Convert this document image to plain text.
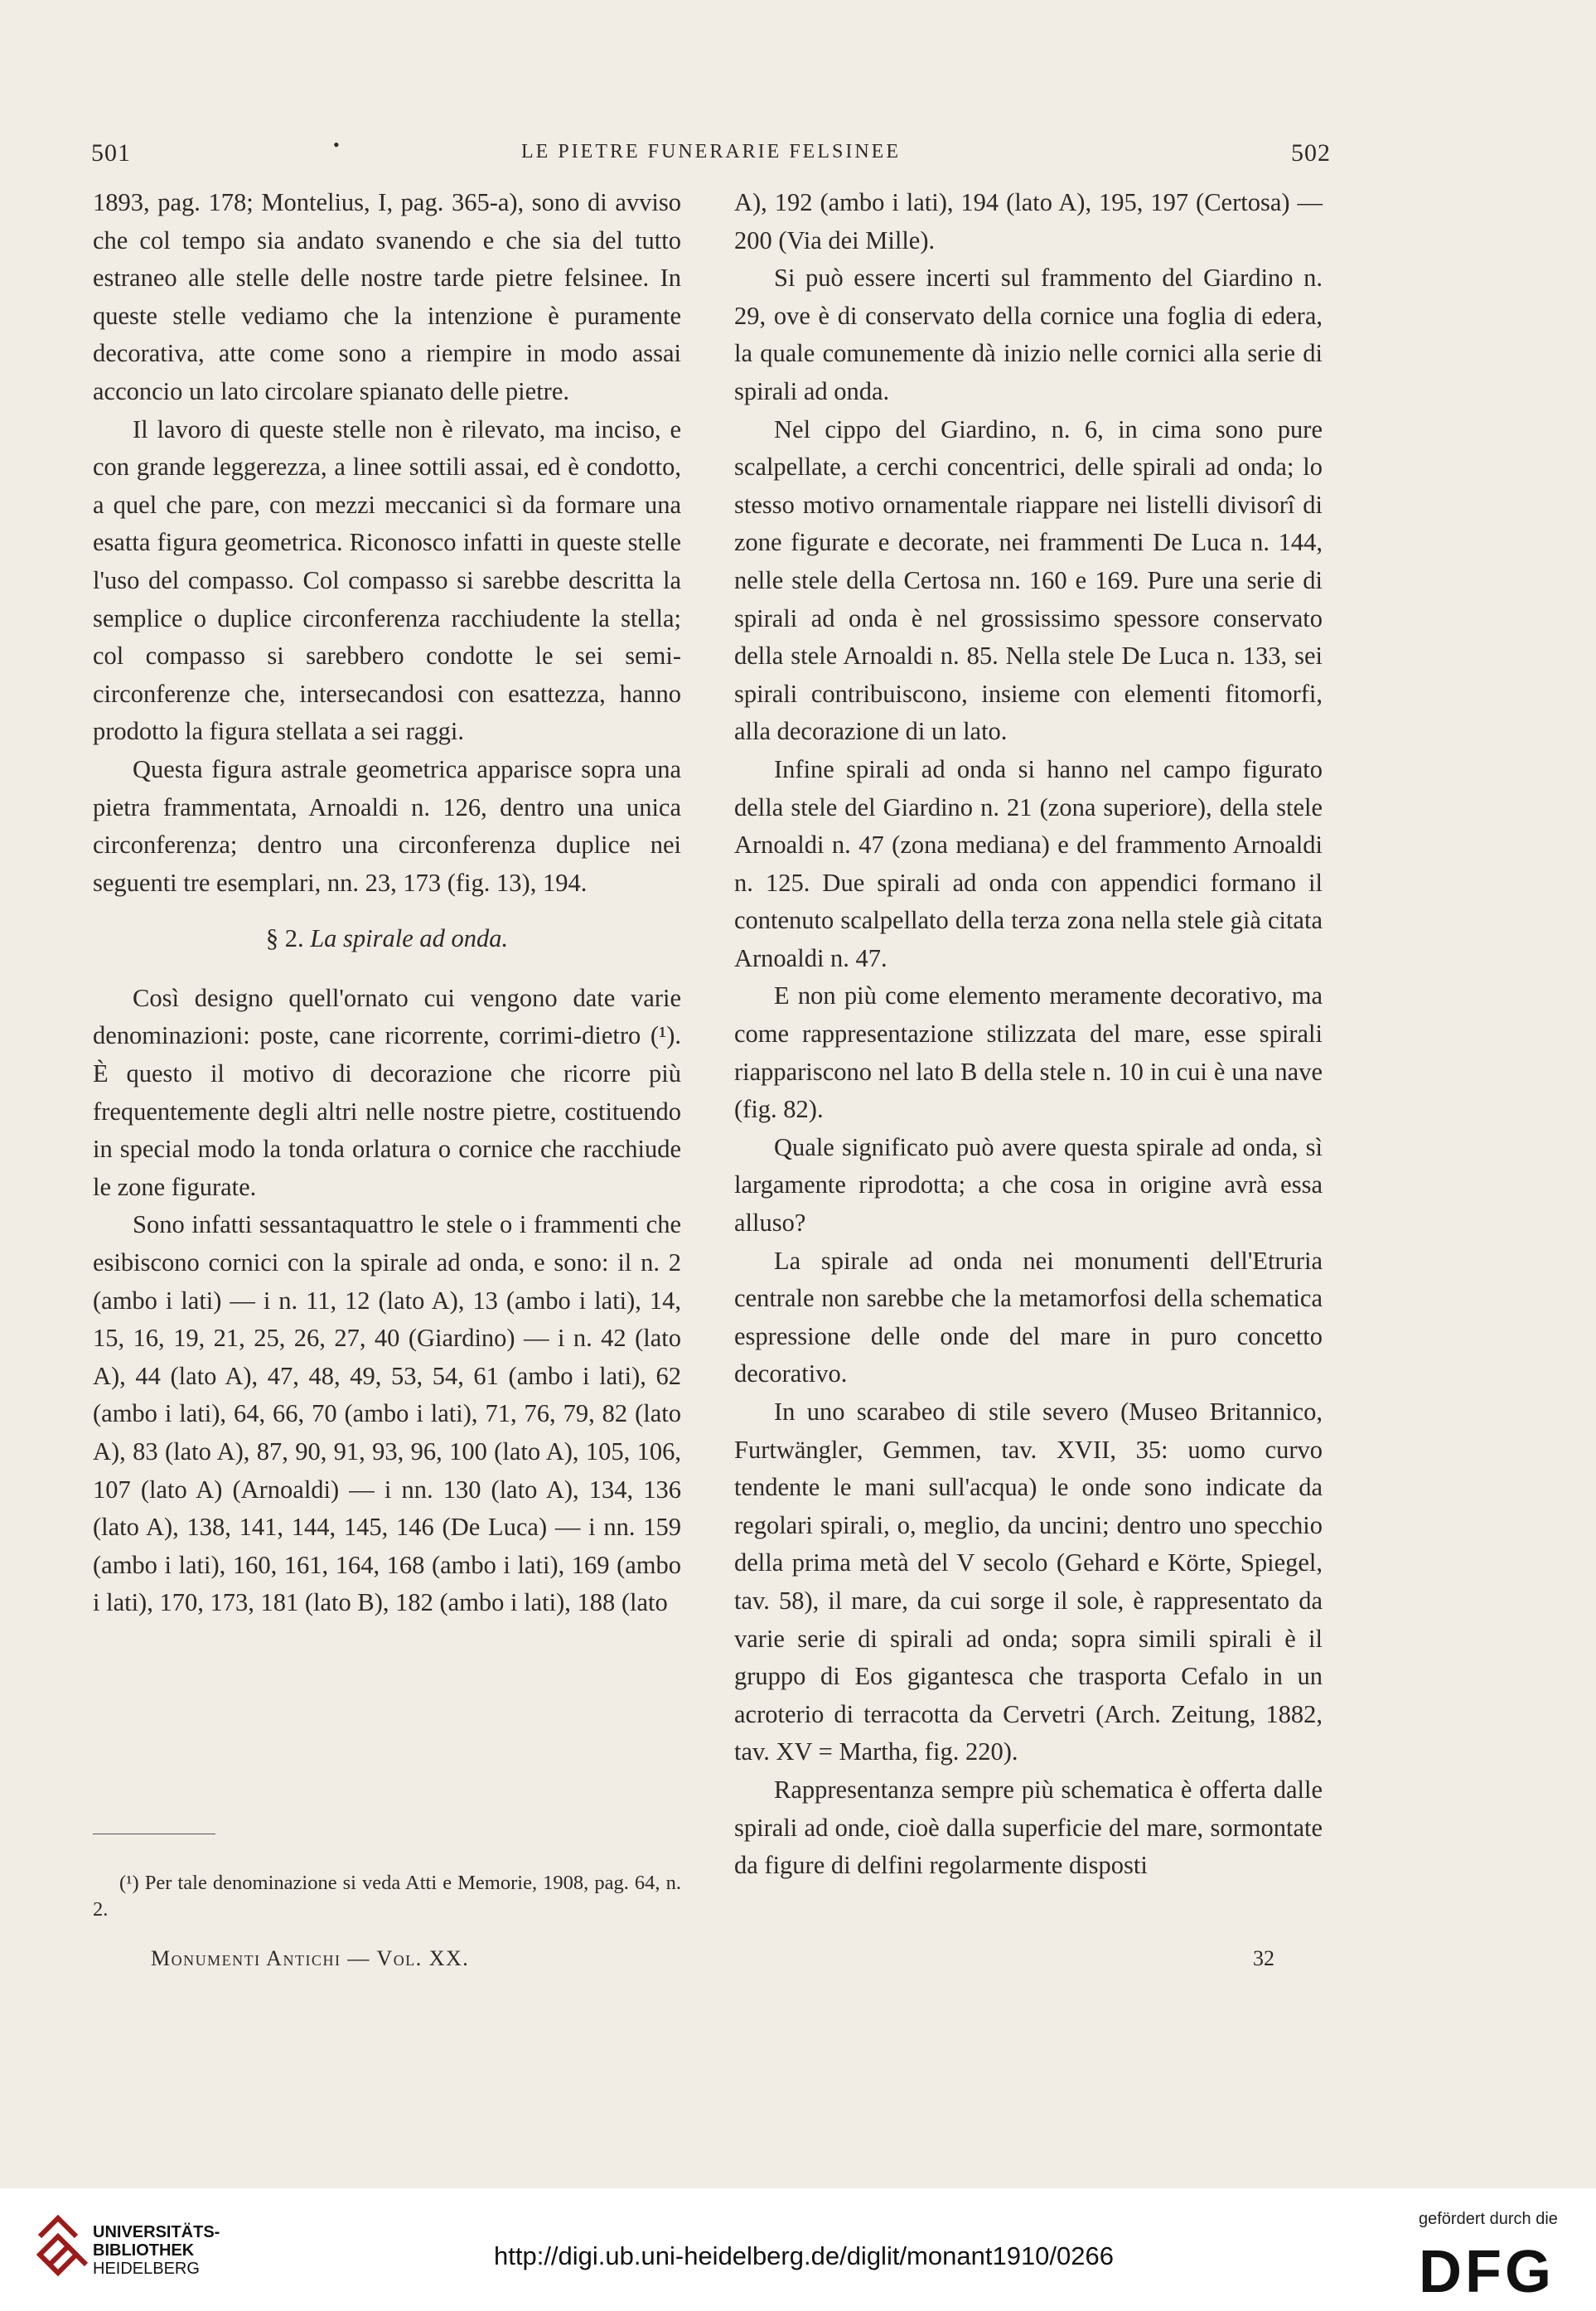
501	•	LE PIETRE FUNERARIE FELSINEE	502

1893, pag. 178; Montelius, I, pag. 365-a), sono di avviso che col tempo sia andato svanendo e che sia del tutto estraneo alle stelle delle nostre tarde pietre felsinee. In queste stelle vediamo che la intenzione è puramente decorativa, atte come sono a riempire in modo assai acconcio un lato circolare spianato delle pietre.

Il lavoro di queste stelle non è rilevato, ma inciso, e con grande leggerezza, a linee sottili assai, ed è condotto, a quel che pare, con mezzi meccanici sì da formare una esatta figura geometrica. Riconosco infatti in queste stelle l'uso del compasso. Col compasso si sarebbe descritta la semplice o duplice circonferenza racchiudente la stella; col compasso si sarebbero condotte le sei semi-circonferenze che, intersecandosi con esattezza, hanno prodotto la figura stellata a sei raggi.

Questa figura astrale geometrica apparisce sopra una pietra frammentata, Arnoaldi n. 126, dentro una unica circonferenza; dentro una circonferenza duplice nei seguenti tre esemplari, nn. 23, 173 (fig. 13), 194.

§ 2. La spirale ad onda.

Così designo quell'ornato cui vengono date varie denominazioni: poste, cane ricorrente, corrimi-dietro (¹). È questo il motivo di decorazione che ricorre più frequentemente degli altri nelle nostre pietre, costituendo in special modo la tonda orlatura o cornice che racchiude le zone figurate.

Sono infatti sessantaquattro le stele o i frammenti che esibiscono cornici con la spirale ad onda, e sono: il n. 2 (ambo i lati) — i n. 11, 12 (lato A), 13 (ambo i lati), 14, 15, 16, 19, 21, 25, 26, 27, 40 (Giardino) — i n. 42 (lato A), 44 (lato A), 47, 48, 49, 53, 54, 61 (ambo i lati), 62 (ambo i lati), 64, 66, 70 (ambo i lati), 71, 76, 79, 82 (lato A), 83 (lato A), 87, 90, 91, 93, 96, 100 (lato A), 105, 106, 107 (lato A) (Arnoaldi) — i nn. 130 (lato A), 134, 136 (lato A), 138, 141, 144, 145, 146 (De Luca) — i nn. 159 (ambo i lati), 160, 161, 164, 168 (ambo i lati), 169 (ambo i lati), 170, 173, 181 (lato B), 182 (ambo i lati), 188 (lato

A), 192 (ambo i lati), 194 (lato A), 195, 197 (Certosa) — 200 (Via dei Mille).

Si può essere incerti sul frammento del Giardino n. 29, ove è di conservato della cornice una foglia di edera, la quale comunemente dà inizio nelle cornici alla serie di spirali ad onda.

Nel cippo del Giardino, n. 6, in cima sono pure scalpellate, a cerchi concentrici, delle spirali ad onda; lo stesso motivo ornamentale riappare nei listelli divisorî di zone figurate e decorate, nei frammenti De Luca n. 144, nelle stele della Certosa nn. 160 e 169. Pure una serie di spirali ad onda è nel grossissimo spessore conservato della stele Arnoaldi n. 85. Nella stele De Luca n. 133, sei spirali contribuiscono, insieme con elementi fitomorfi, alla decorazione di un lato.

Infine spirali ad onda si hanno nel campo figurato della stele del Giardino n. 21 (zona superiore), della stele Arnoaldi n. 47 (zona mediana) e del frammento Arnoaldi n. 125. Due spirali ad onda con appendici formano il contenuto scalpellato della terza zona nella stele già citata Arnoaldi n. 47.

E non più come elemento meramente decorativo, ma come rappresentazione stilizzata del mare, esse spirali riappariscono nel lato B della stele n. 10 in cui è una nave (fig. 82).

Quale significato può avere questa spirale ad onda, sì largamente riprodotta; a che cosa in origine avrà essa alluso?

La spirale ad onda nei monumenti dell'Etruria centrale non sarebbe che la metamorfosi della schematica espressione delle onde del mare in puro concetto decorativo.

In uno scarabeo di stile severo (Museo Britannico, Furtwängler, Gemmen, tav. XVII, 35: uomo curvo tendente le mani sull'acqua) le onde sono indicate da regolari spirali, o, meglio, da uncini; dentro uno specchio della prima metà del V secolo (Gehard e Körte, Spiegel, tav. 58), il mare, da cui sorge il sole, è rappresentato da varie serie di spirali ad onda; sopra simili spirali è il gruppo di Eos gigantesca che trasporta Cefalo in un acroterio di terracotta da Cervetri (Arch. Zeitung, 1882, tav. XV = Martha, fig. 220).

Rappresentanza sempre più schematica è offerta dalle spirali ad onde, cioè dalla superficie del mare, sormontate da figure di delfini regolarmente disposti

(¹) Per tale denominazione si veda Atti e Memorie, 1908, pag. 64, n. 2.

Monumenti Antichi — Vol. XX.	32
UNIVERSITÄTS-
BIBLIOTHEK
HEIDELBERG	http://digi.ub.uni-heidelberg.de/diglit/monant1910/0266
gefördert durch die
DFG
